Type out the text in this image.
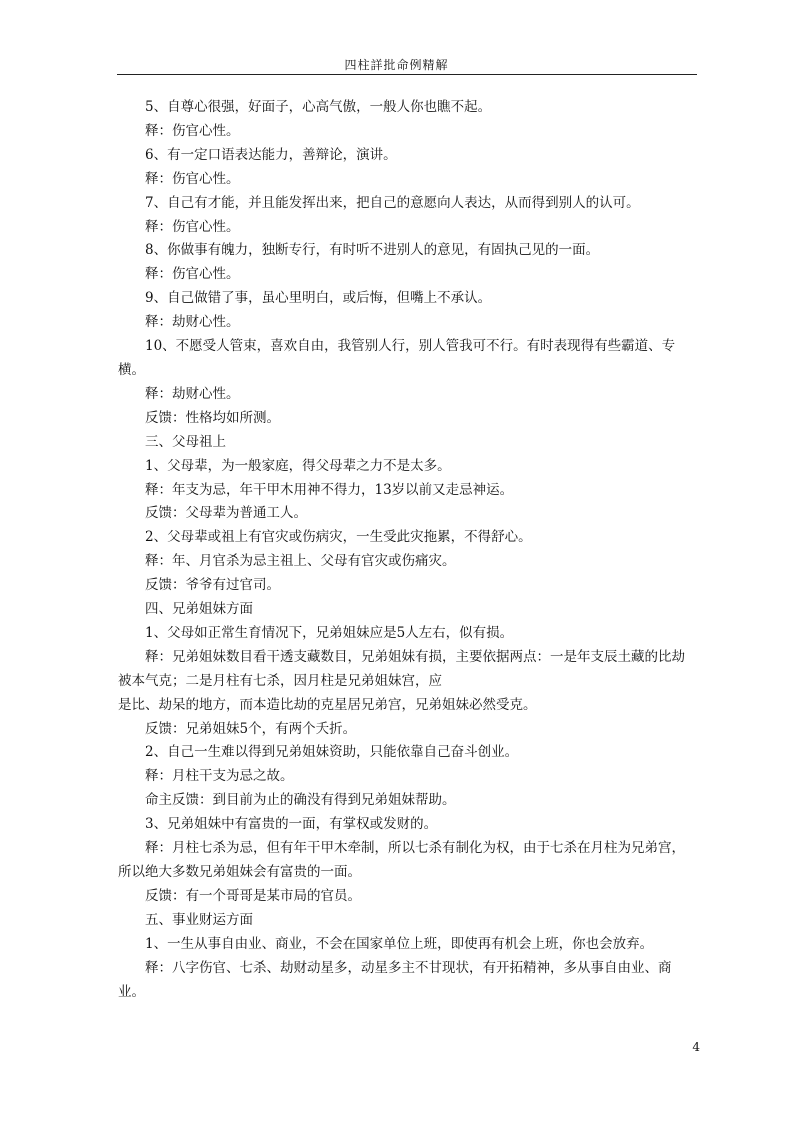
四柱詳批命例精解

5、自尊心很强，好面子，心高气傲，一般人你也瞧不起。

释：伤官心性。

6、有一定口语表达能力，善辩论，演讲。

释：伤官心性。

7、自己有才能，并且能发挥出来，把自己的意愿向人表达，从而得到别人的认可。

释：伤官心性。

8、你做事有魄力，独断专行，有时听不进别人的意见，有固执己见的一面。

释：伤官心性。

9、自己做错了事，虽心里明白，或后悔，但嘴上不承认。

释：劫财心性。

10、不愿受人管束，喜欢自由，我管别人行，别人管我可不行。有时表现得有些霸道、专横。

释：劫财心性。

反馈：性格均如所测。

三、父母祖上

1、父母辈，为一般家庭，得父母辈之力不是太多。

释：年支为忌，年干甲木用神不得力，13岁以前又走忌神运。

反馈：父母辈为普通工人。

2、父母辈或祖上有官灾或伤病灾，一生受此灾拖累，不得舒心。

释：年、月官杀为忌主祖上、父母有官灾或伤痛灾。

反馈：爷爷有过官司。

四、兄弟姐妹方面

1、父母如正常生育情况下，兄弟姐妹应是5人左右，似有损。

释：兄弟姐妹数目看干透支藏数目，兄弟姐妹有损，主要依据两点：一是年支辰土藏的比劫被本气克；二是月柱有七杀，因月柱是兄弟姐妹宫，应

是比、劫呆的地方，而本造比劫的克星居兄弟宫，兄弟姐妹必然受克。

反馈：兄弟姐妹5个，有两个夭折。

2、自己一生难以得到兄弟姐妹资助，只能依靠自己奋斗创业。

释：月柱干支为忌之故。

命主反馈：到目前为止的确没有得到兄弟姐妹帮助。

3、兄弟姐妹中有富贵的一面，有掌权或发财的。

释：月柱七杀为忌，但有年干甲木牵制，所以七杀有制化为权，由于七杀在月柱为兄弟宫，所以绝大多数兄弟姐妹会有富贵的一面。

反馈：有一个哥哥是某市局的官员。

五、事业财运方面

1、一生从事自由业、商业，不会在国家单位上班，即使再有机会上班，你也会放弃。

释：八字伤官、七杀、劫财动星多，动星多主不甘现状，有开拓精神，多从事自由业、商业。

4
